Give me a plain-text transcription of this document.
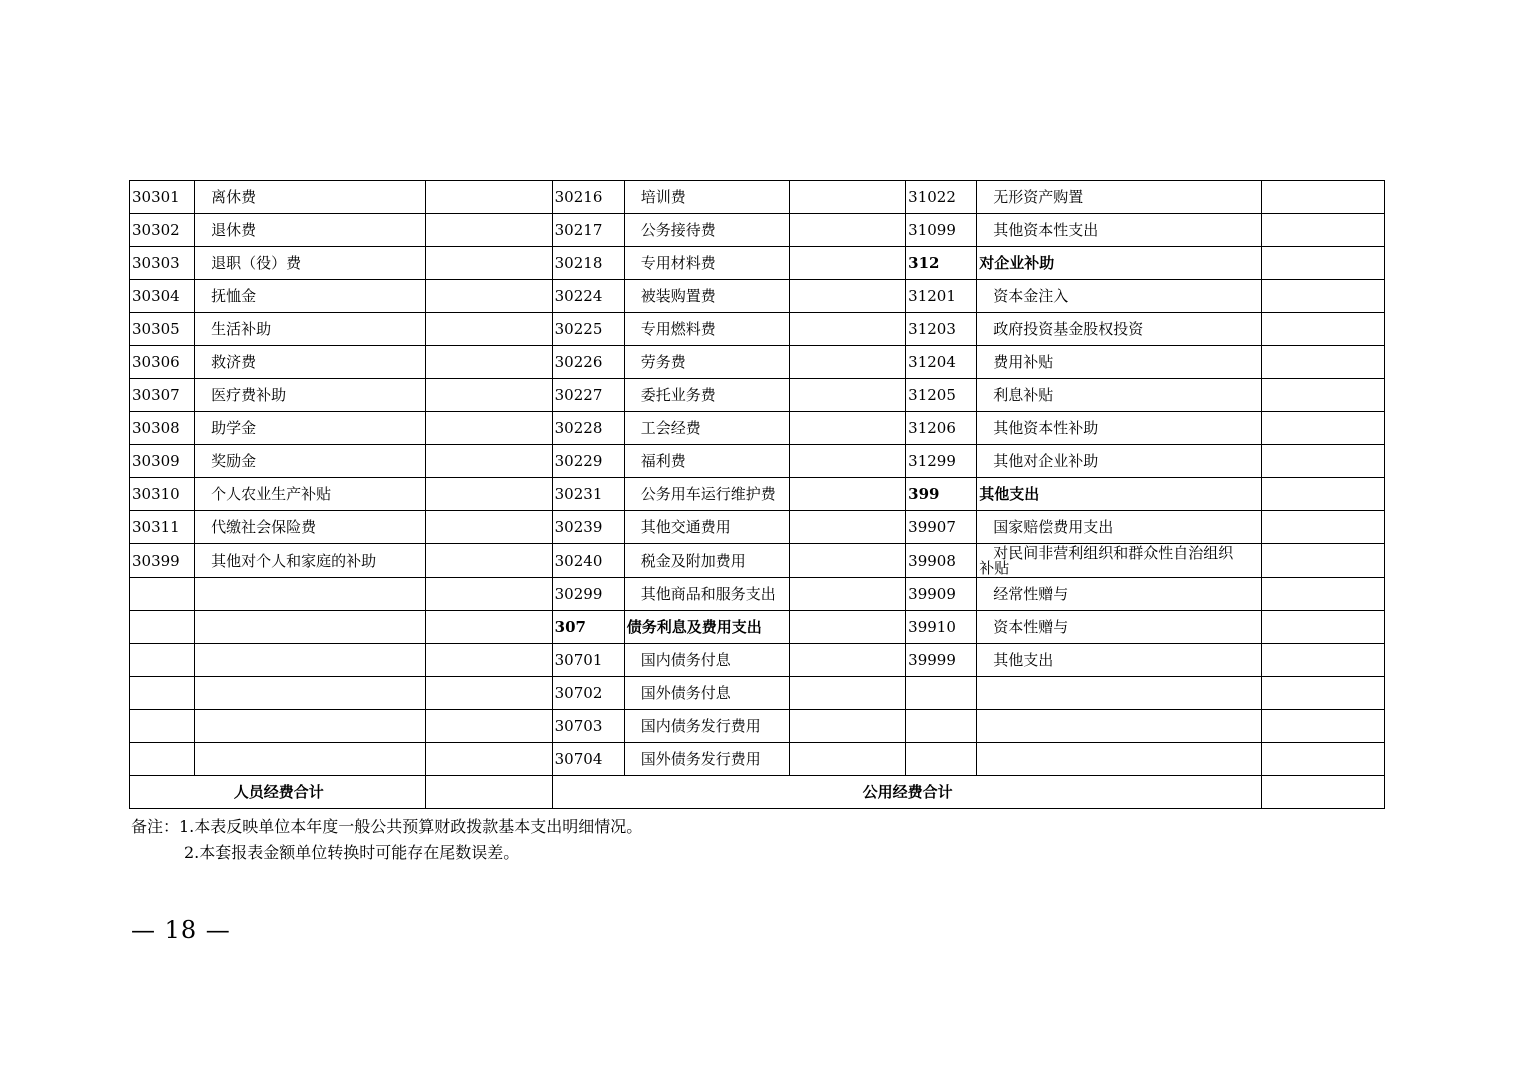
30301	离休费		30216	培训费		31022	无形资产购置	
30302	退休费		30217	公务接待费		31099	其他资本性支出	
30303	退职（役）费		30218	专用材料费		312	对企业补助	
30304	抚恤金		30224	被装购置费		31201	资本金注入	
30305	生活补助		30225	专用燃料费		31203	政府投资基金股权投资	
30306	救济费		30226	劳务费		31204	费用补贴	
30307	医疗费补助		30227	委托业务费		31205	利息补贴	
30308	助学金		30228	工会经费		31206	其他资本性补助	
30309	奖励金		30229	福利费		31299	其他对企业补助	
30310	个人农业生产补贴		30231	公务用车运行维护费		399	其他支出	
30311	代缴社会保险费		30239	其他交通费用		39907	国家赔偿费用支出	
30399	其他对个人和家庭的补助		30240	税金及附加费用		39908	对民间非营利组织和群众性自治组织
补贴	
			30299	其他商品和服务支出		39909	经常性赠与	
			307	债务利息及费用支出		39910	资本性赠与	
			30701	国内债务付息		39999	其他支出	
			30702	国外债务付息				
			30703	国内债务发行费用				
			30704	国外债务发行费用				
人员经费合计			公用经费合计					
备注：1.本表反映单位本年度一般公共预算财政拨款基本支出明细情况。
2.本套报表金额单位转换时可能存在尾数误差。
— 18 —
